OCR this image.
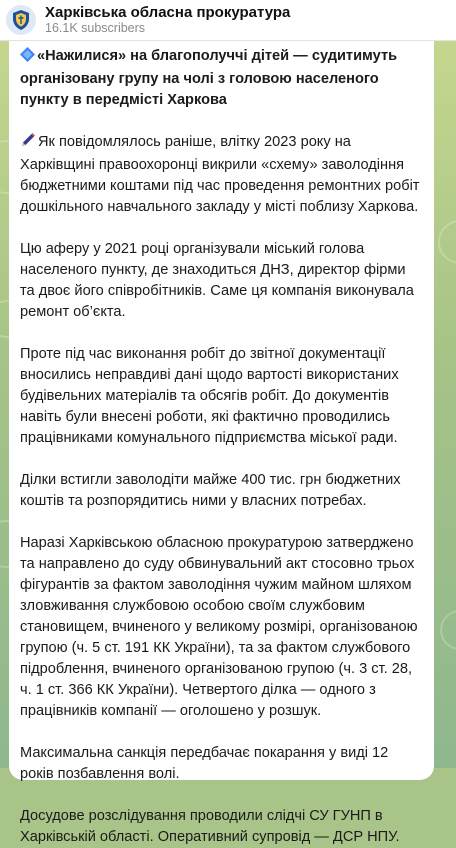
Харківська обласна прокуратура
16.1K subscribers

«Нажилися» на благополуччі дітей — судитимуть організовану групу на чолі з головою населеного пункту в передмісті Харкова

Як повідомлялось раніше, влітку 2023 року на Харківщині правоохоронці викрили «схему» заволодіння бюджетними коштами під час проведення ремонтних робіт дошкільного навчального закладу у місті поблизу Харкова.

Цю аферу у 2021 році організували міський голова населеного пункту, де знаходиться ДНЗ, директор фірми та двоє його співробітників. Саме ця компанія виконувала ремонт об’єкта.

Проте під час виконання робіт до звітної документації вносились неправдиві дані щодо вартості використаних будівельних матеріалів та обсягів робіт. До документів навіть були внесені роботи, які фактично проводились працівниками комунального підприємства міської ради.

Ділки встигли заволодіти майже 400 тис. грн бюджетних коштів та розпорядитись ними у власних потребах.

Наразі Харківською обласною прокуратурою затверджено та направлено до суду обвинувальний акт стосовно трьох фігурантів за фактом заволодіння чужим майном шляхом зловживання службовою особою своїм службовим становищем, вчиненого у великому розмірі, організованою групою (ч. 5 ст. 191 КК України), та за фактом службового підроблення, вчиненого організованою групою (ч. 3 ст. 28, ч. 1 ст. 366 КК України). Четвертого ділка — одного з працівників компанії — оголошено у розшук.

Максимальна санкція передбачає покарання у виді 12 років позбавлення волі.

Досудове розслідування проводили слідчі СУ ГУНП в Харківській області. Оперативний супровід — ДСР НПУ.
